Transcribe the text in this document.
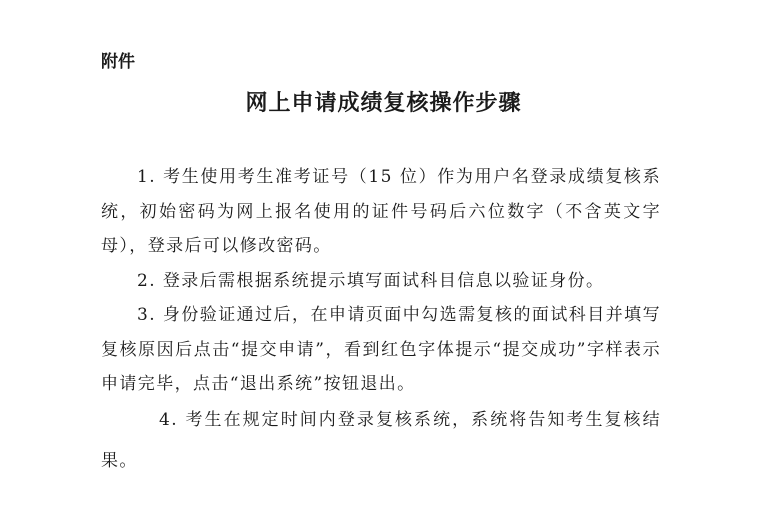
附件
网上申请成绩复核操作步骤

1. 考生使用考生准考证号（15 位）作为用户名登录成绩复核系统，初始密码为网上报名使用的证件号码后六位数字（不含英文字母），登录后可以修改密码。

2. 登录后需根据系统提示填写面试科目信息以验证身份。

3. 身份验证通过后，在申请页面中勾选需复核的面试科目并填写复核原因后点击“提交申请”，看到红色字体提示“提交成功”字样表示申请完毕，点击“退出系统”按钮退出。

4. 考生在规定时间内登录复核系统，系统将告知考生复核结果。
